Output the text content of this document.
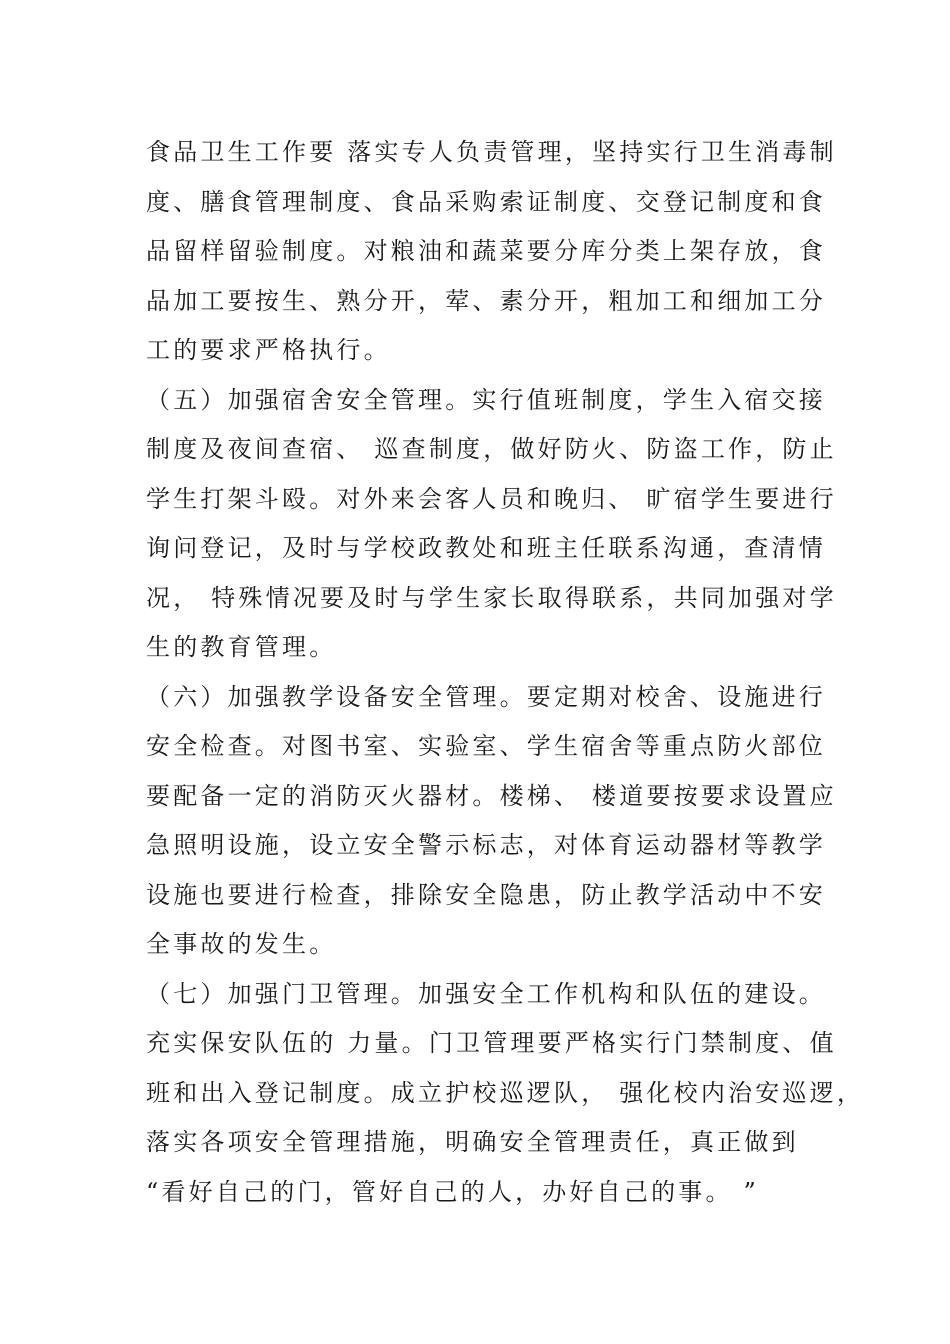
食品卫生工作要 落实专人负责管理，坚持实行卫生消毒制
度、膳食管理制度、食品采购索证制度、交登记制度和食
品留样留验制度。对粮油和蔬菜要分库分类上架存放，食
品加工要按生、熟分开，荤、素分开，粗加工和细加工分
工的要求严格执行。
（五）加强宿舍安全管理。实行值班制度，学生入宿交接
制度及夜间查宿、 巡查制度，做好防火、防盗工作，防止
学生打架斗殴。对外来会客人员和晚归、 旷宿学生要进行
询问登记，及时与学校政教处和班主任联系沟通，查清情
况， 特殊情况要及时与学生家长取得联系，共同加强对学
生的教育管理。
（六）加强教学设备安全管理。要定期对校舍、设施进行
安全检查。对图书室、实验室、学生宿舍等重点防火部位
要配备一定的消防灭火器材。楼梯、 楼道要按要求设置应
急照明设施，设立安全警示标志，对体育运动器材等教学
设施也要进行检查，排除安全隐患，防止教学活动中不安
全事故的发生。
（七）加强门卫管理。加强安全工作机构和队伍的建设。
充实保安队伍的 力量。门卫管理要严格实行门禁制度、值
班和出入登记制度。成立护校巡逻队， 强化校内治安巡逻，
落实各项安全管理措施，明确安全管理责任，真正做到
“看好自己的门，管好自己的人，办好自己的事。 ”
